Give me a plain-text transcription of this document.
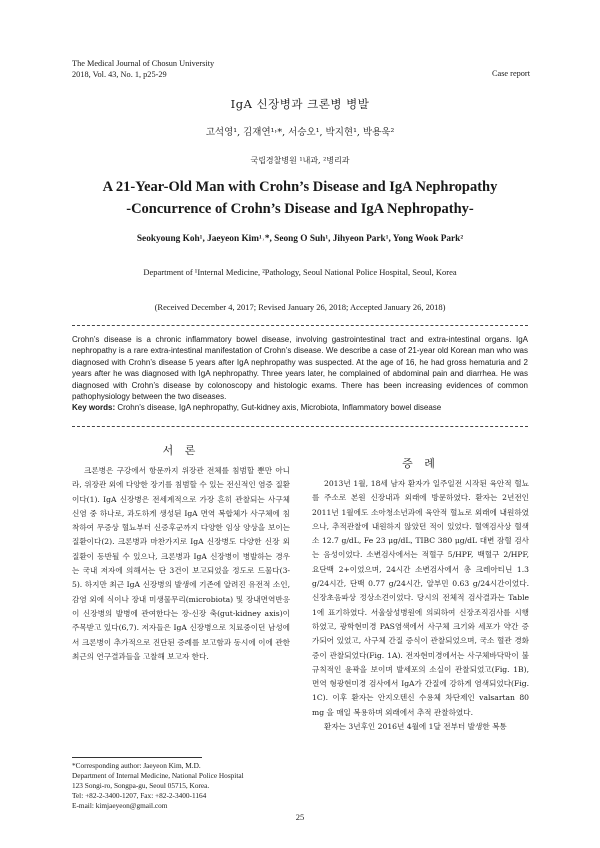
The Medical Journal of Chosun University
2018, Vol. 43, No. 1, p25-29	Case report
IgA 신장병과 크론병 병발
고석영¹, 김재연¹˒*, 서승오¹, 박지현¹, 박용욱²
국립경찰병원 ¹내과, ²병리과
A 21-Year-Old Man with Crohn’s Disease and IgA Nephropathy
-Concurrence of Crohn’s Disease and IgA Nephropathy-
Seokyoung Koh¹, Jaeyeon Kim¹˒*, Seong O Suh¹, Jihyeon Park¹, Yong Wook Park²
Department of ¹Internal Medicine, ²Pathology, Seoul National Police Hospital, Seoul, Korea
(Received December 4, 2017; Revised January 26, 2018; Accepted January 26, 2018)
Crohn’s disease is a chronic inflammatory bowel disease, involving gastrointestinal tract and extra-intestinal organs. IgA nephropathy is a rare extra-intestinal manifestation of Crohn’s disease. We describe a case of 21-year old Korean man who was diagnosed with Crohn’s disease 5 years after IgA nephropathy was suspected. At the age of 16, he had gross hematuria and 2 years after he was diagnosed with IgA nephropathy. Three years later, he complained of abdominal pain and diarrhea. He was diagnosed with Crohn’s disease by colonoscopy and histologic exams. There has been increasing evidences of common pathophysiology between the two diseases.
Key words: Crohn’s disease, IgA nephropathy, Gut-kidney axis, Microbiota, Inflammatory bowel disease
서 론
크론병은 구강에서 항문까지 위장관 전체를 침범할 뿐만 아니라, 위장관 외에 다양한 장기를 침범할 수 있는 전신적인 염증 질환이다(1). IgA 신장병은 전세계적으로 가장 흔히 관찰되는 사구체 신염 중 하나로, 과도하게 생성된 IgA 면역 복합체가 사구체에 침착하여 무증상 혈뇨부터 신증후군까지 다양한 임상 양상을 보이는 질환이다(2). 크론병과 마찬가지로 IgA 신장병도 다양한 신장 외 질환이 동반될 수 있으나, 크론병과 IgA 신장병이 병발하는 경우는 국내 저자에 의해서는 단 3건이 보고되었을 정도로 드물다(3-5). 하지만 최근 IgA 신장병의 발생에 기존에 알려진 유전적 소인, 감염 외에 식이나 장내 미생물무리(microbiota) 및 장내면역반응이 신장병의 발병에 관여한다는 장-신장 축(gut-kidney axis)이 주목받고 있다(6,7). 저자들은 IgA 신장병으로 치료중이던 남성에서 크론병이 추가적으로 진단된 증례를 보고함과 동시에 이에 관한 최근의 연구결과들을 고찰해 보고자 한다.
증 례
2013년 1월, 18세 남자 환자가 일주일전 시작된 육안적 혈뇨를 주소로 본원 신장내과 외래에 방문하였다. 환자는 2년전인 2011년 1월에도 소아청소년과에 육안적 혈뇨로 외래에 내원하였으나, 추적관찰에 내원하지 않았던 적이 있었다. 혈액검사상 혈색소 12.7 g/dL, Fe 23 μg/dL, TIBC 380 μg/dL 대변 잠혈 검사는 음성이었다. 소변검사에서는 적혈구 5/HPF, 백혈구 2/HPF, 요단백 2+이었으며, 24시간 소변검사에서 총 크레아티닌 1.3 g/24시간, 단백 0.77 g/24시간, 알부민 0.63 g/24시간이었다. 신장초음파상 정상소견이었다. 당시의 전체적 검사결과는 Table 1에 표기하였다. 서울삼성병원에 의뢰하여 신장조직검사를 시행하였고, 광학현미경 PAS염색에서 사구체 크기와 세포가 약간 증가되어 있었고, 사구체 간질 증식이 관찰되었으며, 국소 혈관 경화증이 관찰되었다(Fig. 1A). 전자현미경에서는 사구체바닥막이 불규칙적인 윤곽을 보이며 발세포의 소실이 관찰되었고(Fig. 1B), 면역 형광현미경 검사에서 IgA가 간질에 강하게 염색되었다(Fig. 1C). 이후 환자는 안지오텐신 수용체 차단제인 valsartan 80 mg 을 매일 복용하며 외래에서 추적 관찰하였다.
환자는 3년후인 2016년 4월에 1달 전부터 발생한 복통
*Corresponding author: Jaeyeon Kim, M.D.
Department of Internal Medicine, National Police Hospital
123 Songi-ro, Songpa-gu, Seoul 05715, Korea.
Tel: +82-2-3400-1207, Fax: +82-2-3400-1164
E-mail: kimjaeyeon@gmail.com
25
